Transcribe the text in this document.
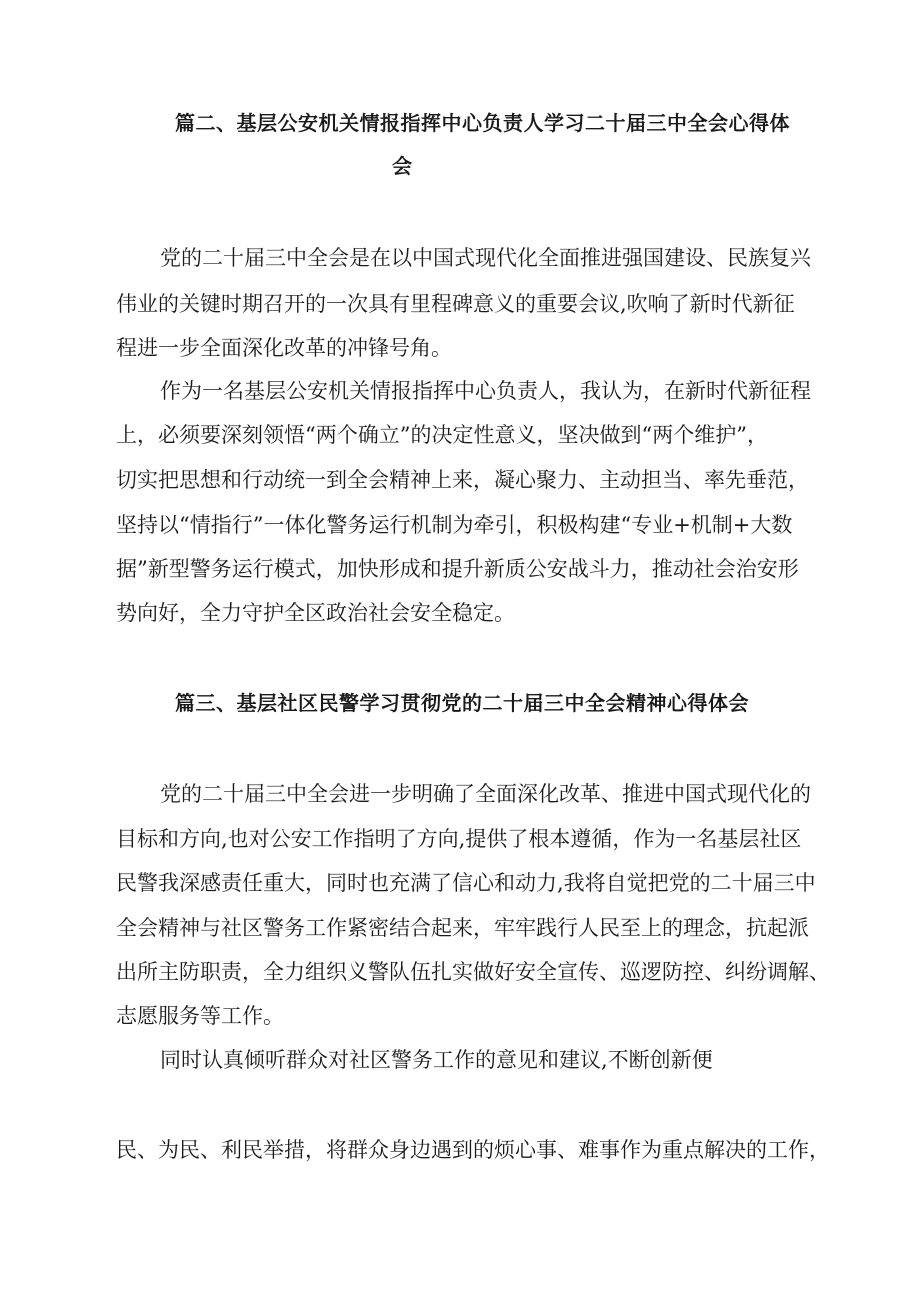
篇二、基层公安机关情报指挥中心负责人学习二十届三中全会心得体
会

党的二十届三中全会是在以中国式现代化全面推进强国建设、民族复兴

伟业的关键时期召开的一次具有里程碑意义的重要会议,吹响了新时代新征

程进一步全面深化改革的冲锋号角。

作为一名基层公安机关情报指挥中心负责人，我认为，在新时代新征程

上，必须要深刻领悟“两个确立”的决定性意义，坚决做到“两个维护”，

切实把思想和行动统一到全会精神上来，凝心聚力、主动担当、率先垂范，

坚持以“情指行”一体化警务运行机制为牵引，积极构建“专业+机制+大数

据”新型警务运行模式，加快形成和提升新质公安战斗力，推动社会治安形

势向好，全力守护全区政治社会安全稳定。

篇三、基层社区民警学习贯彻党的二十届三中全会精神心得体会

党的二十届三中全会进一步明确了全面深化改革、推进中国式现代化的

目标和方向,也对公安工作指明了方向,提供了根本遵循，作为一名基层社区

民警我深感责任重大，同时也充满了信心和动力,我将自觉把党的二十届三中

全会精神与社区警务工作紧密结合起来，牢牢践行人民至上的理念，抗起派

出所主防职责，全力组织义警队伍扎实做好安全宣传、巡逻防控、纠纷调解、

志愿服务等工作。

同时认真倾听群众对社区警务工作的意见和建议,不断创新便

民、为民、利民举措，将群众身边遇到的烦心事、难事作为重点解决的工作，
